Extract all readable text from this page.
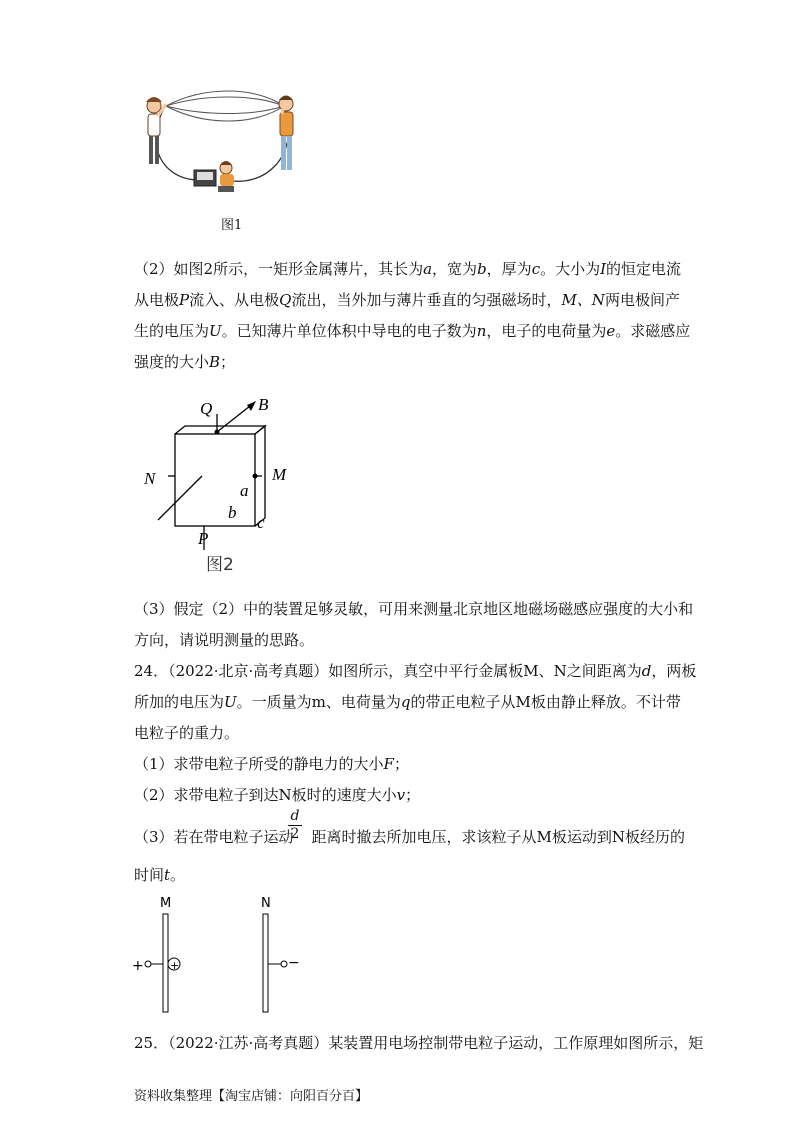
图1
（2）如图2所示，一矩形金属薄片，其长为a，宽为b，厚为c。大小为I的恒定电流
从电极P流入、从电极Q流出，当外加与薄片垂直的匀强磁场时，M、N两电极间产
生的电压为U。已知薄片单位体积中导电的电子数为n，电子的电荷量为e。求磁感应
强度的大小B；
Q	B
N	M
a
b
c
P
图2
（3）假定（2）中的装置足够灵敏，可用来测量北京地区地磁场磁感应强度的大小和
方向，请说明测量的思路。
24．（2022·北京·高考真题）如图所示，真空中平行金属板M、N之间距离为d，两板
所加的电压为U。一质量为m、电荷量为q的带正电粒子从M板由静止释放。不计带
电粒子的重力。
（1）求带电粒子所受的静电力的大小F；
（2）求带电粒子到达N板时的速度大小v；
（3）若在带电粒子运动 距离时撤去所加电压，求该粒子从M板运动到N板经历的
$\frac{d}{2}$
时间t。
M	N
+	−
+
25．（2022·江苏·高考真题）某装置用电场控制带电粒子运动，工作原理如图所示，矩
资料收集整理【淘宝店铺：向阳百分百】
